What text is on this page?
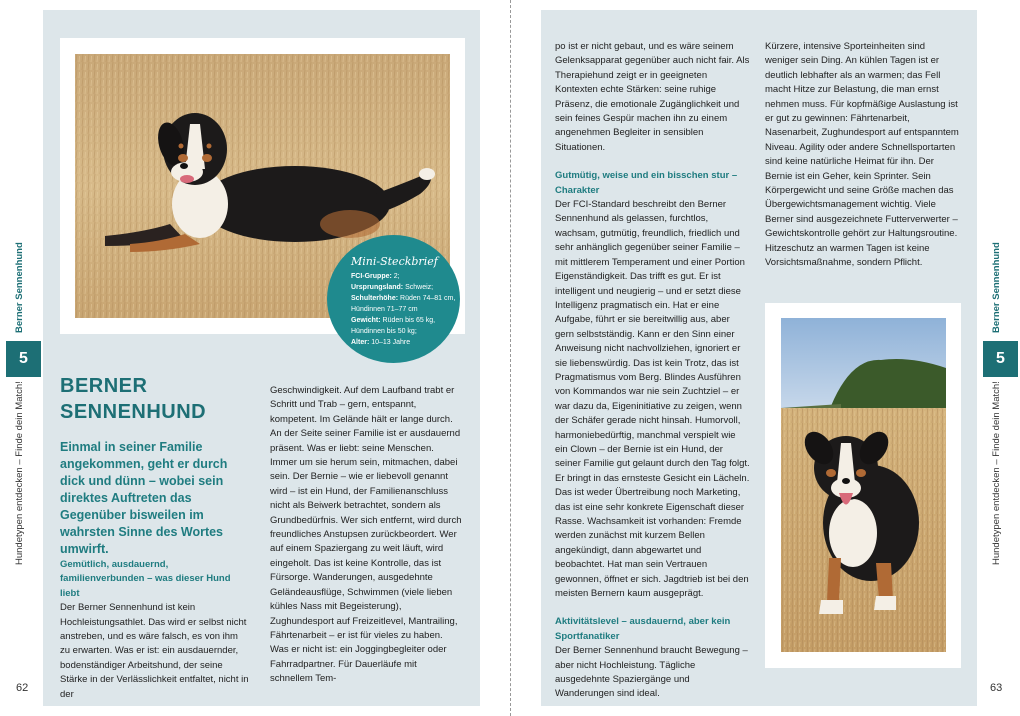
Mini-Steckbrief
FCI-Gruppe: 2;
Ursprungsland: Schweiz;
Schulterhöhe: Rüden 74–81 cm,
Hündinnen 71–77 cm
Gewicht: Rüden bis 65 kg,
Hündinnen bis 50 kg;
Alter: 10–13 Jahre
BERNER
SENNENHUND
Einmal in seiner Familie angekommen, geht er durch dick und dünn – wobei sein direktes Auftreten das Gegenüber bisweilen im wahrsten Sinne des Wortes umwirft.

Gemütlich, ausdauernd, familienverbunden – was dieser Hund liebt

Der Berner Sennenhund ist kein Hochleistungsathlet. Das wird er selbst nicht anstreben, und es wäre falsch, es von ihm zu erwarten. Was er ist: ein ausdauernder, bodenständiger Arbeitshund, der seine Stärke in der Verlässlichkeit entfaltet, nicht in der

Geschwindigkeit. Auf dem Laufband trabt er Schritt und Trab – gern, entspannt, kompetent. Im Gelände hält er lange durch. An der Seite seiner Familie ist er ausdauernd präsent. Was er liebt: seine Menschen. Immer um sie herum sein, mitmachen, dabei sein. Der Bernie – wie er liebevoll genannt wird – ist ein Hund, der Familienanschluss nicht als Beiwerk betrachtet, sondern als Grundbedürfnis. Wer sich entfernt, wird durch freundliches Anstupsen zurückbeordert. Wer auf einem Spaziergang zu weit läuft, wird eingeholt. Das ist keine Kontrolle, das ist Fürsorge. Wanderungen, ausgedehnte Geländeausflüge, Schwimmen (viele lieben kühles Nass mit Begeisterung), Zughundesport auf Freizeitlevel, Mantrailing, Fährtenarbeit – er ist für vieles zu haben. Was er nicht ist: ein Joggingbegleiter oder Fahrradpartner. Für Dauerläufe mit schnellem Tem-

po ist er nicht gebaut, und es wäre seinem Gelenksapparat gegenüber auch nicht fair. Als Therapiehund zeigt er in geeigneten Kontexten echte Stärken: seine ruhige Präsenz, die emotionale Zugänglichkeit und sein feines Gespür machen ihn zu einem angenehmen Begleiter in sensiblen Situationen.

Gutmütig, weise und ein bisschen stur – Charakter

Der FCI-Standard beschreibt den Berner Sennenhund als gelassen, furchtlos, wachsam, gutmütig, freundlich, friedlich und sehr anhänglich gegenüber seiner Familie – mit mittlerem Temperament und einer Portion Eigenständigkeit. Das trifft es gut. Er ist intelligent und neugierig – und er setzt diese Intelligenz pragmatisch ein. Hat er eine Aufgabe, führt er sie bereitwillig aus, aber gern selbstständig. Kann er den Sinn einer Anweisung nicht nachvollziehen, ignoriert er sie liebenswürdig. Das ist kein Trotz, das ist Pragmatismus vom Berg. Blindes Ausführen von Kommandos war nie sein Zuchtziel – er war dazu da, Eigeninitiative zu zeigen, wenn der Schäfer gerade nicht hinsah. Humorvoll, harmoniebedürftig, manchmal verspielt wie ein Clown – der Bernie ist ein Hund, der seiner Familie gut gelaunt durch den Tag folgt. Er bringt in das ernsteste Gesicht ein Lächeln. Das ist weder Übertreibung noch Marketing, das ist eine sehr konkrete Eigenschaft dieser Rasse. Wachsamkeit ist vorhanden: Fremde werden zunächst mit kurzem Bellen angekündigt, dann abgewartet und beobachtet. Hat man sein Vertrauen gewonnen, öffnet er sich. Jagdtrieb ist bei den meisten Bernern kaum ausgeprägt.

Aktivitätslevel – ausdauernd, aber kein Sportfanatiker

Der Berner Sennenhund braucht Bewegung – aber nicht Hochleistung. Tägliche ausgedehnte Spaziergänge und Wanderungen sind ideal.

Kürzere, intensive Sporteinheiten sind weniger sein Ding. An kühlen Tagen ist er deutlich lebhafter als an warmen; das Fell macht Hitze zur Belastung, die man ernst nehmen muss. Für kopfmäßige Auslastung ist er gut zu gewinnen: Fährtenarbeit, Nasenarbeit, Zughundesport auf entspanntem Niveau. Agility oder andere Schnellsportarten sind keine natürliche Heimat für ihn. Der Bernie ist ein Geher, kein Sprinter. Sein Körpergewicht und seine Größe machen das Übergewichtsmanagement wichtig. Viele Berner sind ausgezeichnete Futterverwerter – Gewichtskontrolle gehört zur Haltungsroutine. Hitzeschutz an warmen Tagen ist keine Vorsichtsmaßnahme, sondern Pflicht.

Berner Sennenhund
5
Hundetypen entdecken – Finde dein Match!
62
Berner Sennenhund
5
Hundetypen entdecken – Finde dein Match!
63
